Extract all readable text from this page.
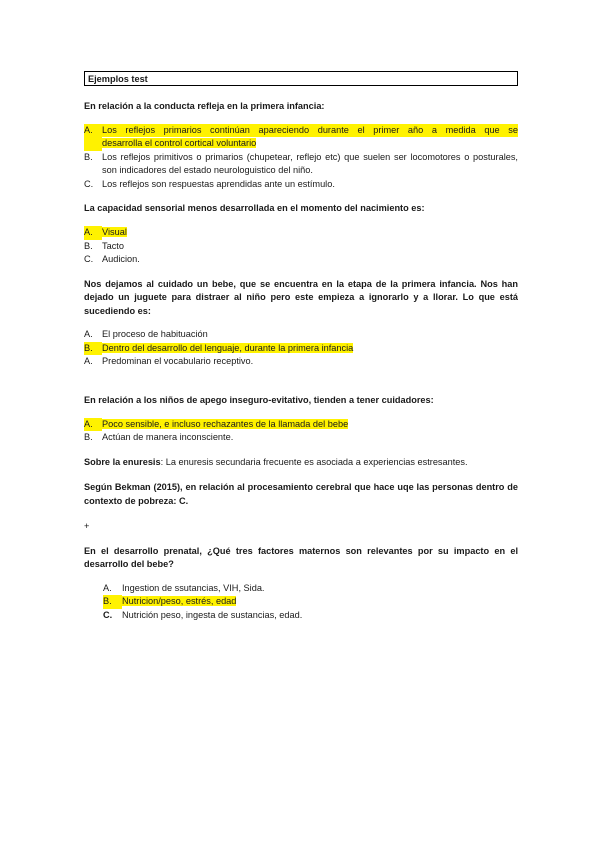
Ejemplos test

En relación a la conducta refleja en la primera infancia:

A.	Los reflejos primarios continúan apareciendo durante el primer año a medida que se
desarrolla el control cortical voluntario
B.	Los reflejos primitivos o primarios (chupetear, reflejo etc) que suelen ser locomotores o posturales, son indicadores del estado neurologuistico del niño.
C. Los reflejos son respuestas aprendidas ante un estímulo.

La capacidad sensorial menos desarrollada en el momento del nacimiento es:

A.	Visual
B.	Tacto
C. Audicion.

Nos dejamos al cuidado un bebe, que se encuentra en la etapa de la primera infancia. Nos han dejado un juguete para distraer al niño pero este empieza a ignorarlo y a llorar. Lo que está sucediendo es:

A.	El proceso de habituación
B.	Dentro del desarrollo del lenguaje, durante la primera infancia
A.	Predominan el vocabulario receptivo.

En relación a los niños de apego inseguro-evitativo, tienden a tener cuidadores:

A.	Poco sensible, e incluso rechazantes de la llamada del bebe
B.	Actúan de manera inconsciente.

Sobre la enuresis: La enuresis secundaria frecuente es asociada a experiencias estresantes.

Según Bekman (2015), en relación al procesamiento cerebral que hace uqe las personas dentro de contexto de pobreza: C.

+

En el desarrollo prenatal, ¿Qué tres factores maternos son relevantes por su impacto en el desarrollo del bebe?

A.	Ingestion de ssutancias, VIH, Sida.
B.	Nutricion/peso, estrés, edad
C.	Nutrición peso, ingesta de sustancias, edad.
